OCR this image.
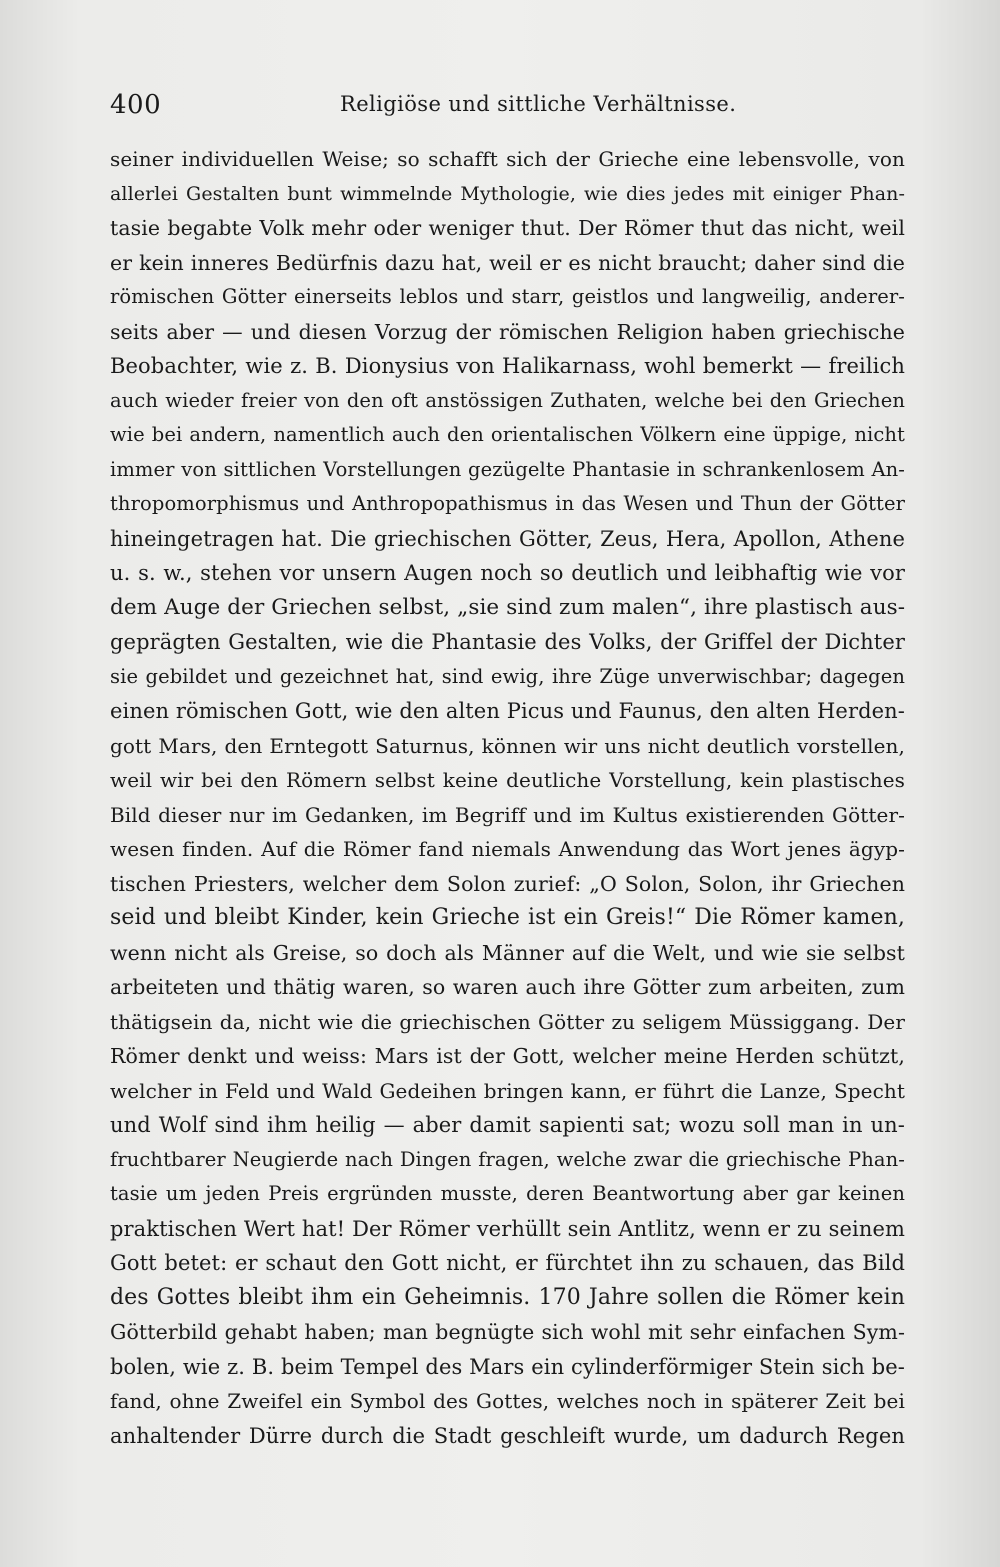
400	Religiöse und sittliche Verhältnisse.
seiner individuellen Weise; so schafft sich der Grieche eine lebensvolle, von
allerlei Gestalten bunt wimmelnde Mythologie, wie dies jedes mit einiger Phan-
tasie begabte Volk mehr oder weniger thut. Der Römer thut das nicht, weil
er kein inneres Bedürfnis dazu hat, weil er es nicht braucht; daher sind die
römischen Götter einerseits leblos und starr, geistlos und langweilig, anderer-
seits aber — und diesen Vorzug der römischen Religion haben griechische
Beobachter, wie z. B. Dionysius von Halikarnass, wohl bemerkt — freilich
auch wieder freier von den oft anstössigen Zuthaten, welche bei den Griechen
wie bei andern, namentlich auch den orientalischen Völkern eine üppige, nicht
immer von sittlichen Vorstellungen gezügelte Phantasie in schrankenlosem An-
thropomorphismus und Anthropopathismus in das Wesen und Thun der Götter
hineingetragen hat. Die griechischen Götter, Zeus, Hera, Apollon, Athene
u. s. w., stehen vor unsern Augen noch so deutlich und leibhaftig wie vor
dem Auge der Griechen selbst, „sie sind zum malen“, ihre plastisch aus-
geprägten Gestalten, wie die Phantasie des Volks, der Griffel der Dichter
sie gebildet und gezeichnet hat, sind ewig, ihre Züge unverwischbar; dagegen
einen römischen Gott, wie den alten Picus und Faunus, den alten Herden-
gott Mars, den Erntegott Saturnus, können wir uns nicht deutlich vorstellen,
weil wir bei den Römern selbst keine deutliche Vorstellung, kein plastisches
Bild dieser nur im Gedanken, im Begriff und im Kultus existierenden Götter-
wesen finden. Auf die Römer fand niemals Anwendung das Wort jenes ägyp-
tischen Priesters, welcher dem Solon zurief: „O Solon, Solon, ihr Griechen
seid und bleibt Kinder, kein Grieche ist ein Greis!“ Die Römer kamen,
wenn nicht als Greise, so doch als Männer auf die Welt, und wie sie selbst
arbeiteten und thätig waren, so waren auch ihre Götter zum arbeiten, zum
thätigsein da, nicht wie die griechischen Götter zu seligem Müssiggang. Der
Römer denkt und weiss: Mars ist der Gott, welcher meine Herden schützt,
welcher in Feld und Wald Gedeihen bringen kann, er führt die Lanze, Specht
und Wolf sind ihm heilig — aber damit sapienti sat; wozu soll man in un-
fruchtbarer Neugierde nach Dingen fragen, welche zwar die griechische Phan-
tasie um jeden Preis ergründen musste, deren Beantwortung aber gar keinen
praktischen Wert hat! Der Römer verhüllt sein Antlitz, wenn er zu seinem
Gott betet: er schaut den Gott nicht, er fürchtet ihn zu schauen, das Bild
des Gottes bleibt ihm ein Geheimnis. 170 Jahre sollen die Römer kein
Götterbild gehabt haben; man begnügte sich wohl mit sehr einfachen Sym-
bolen, wie z. B. beim Tempel des Mars ein cylinderförmiger Stein sich be-
fand, ohne Zweifel ein Symbol des Gottes, welches noch in späterer Zeit bei
anhaltender Dürre durch die Stadt geschleift wurde, um dadurch Regen
